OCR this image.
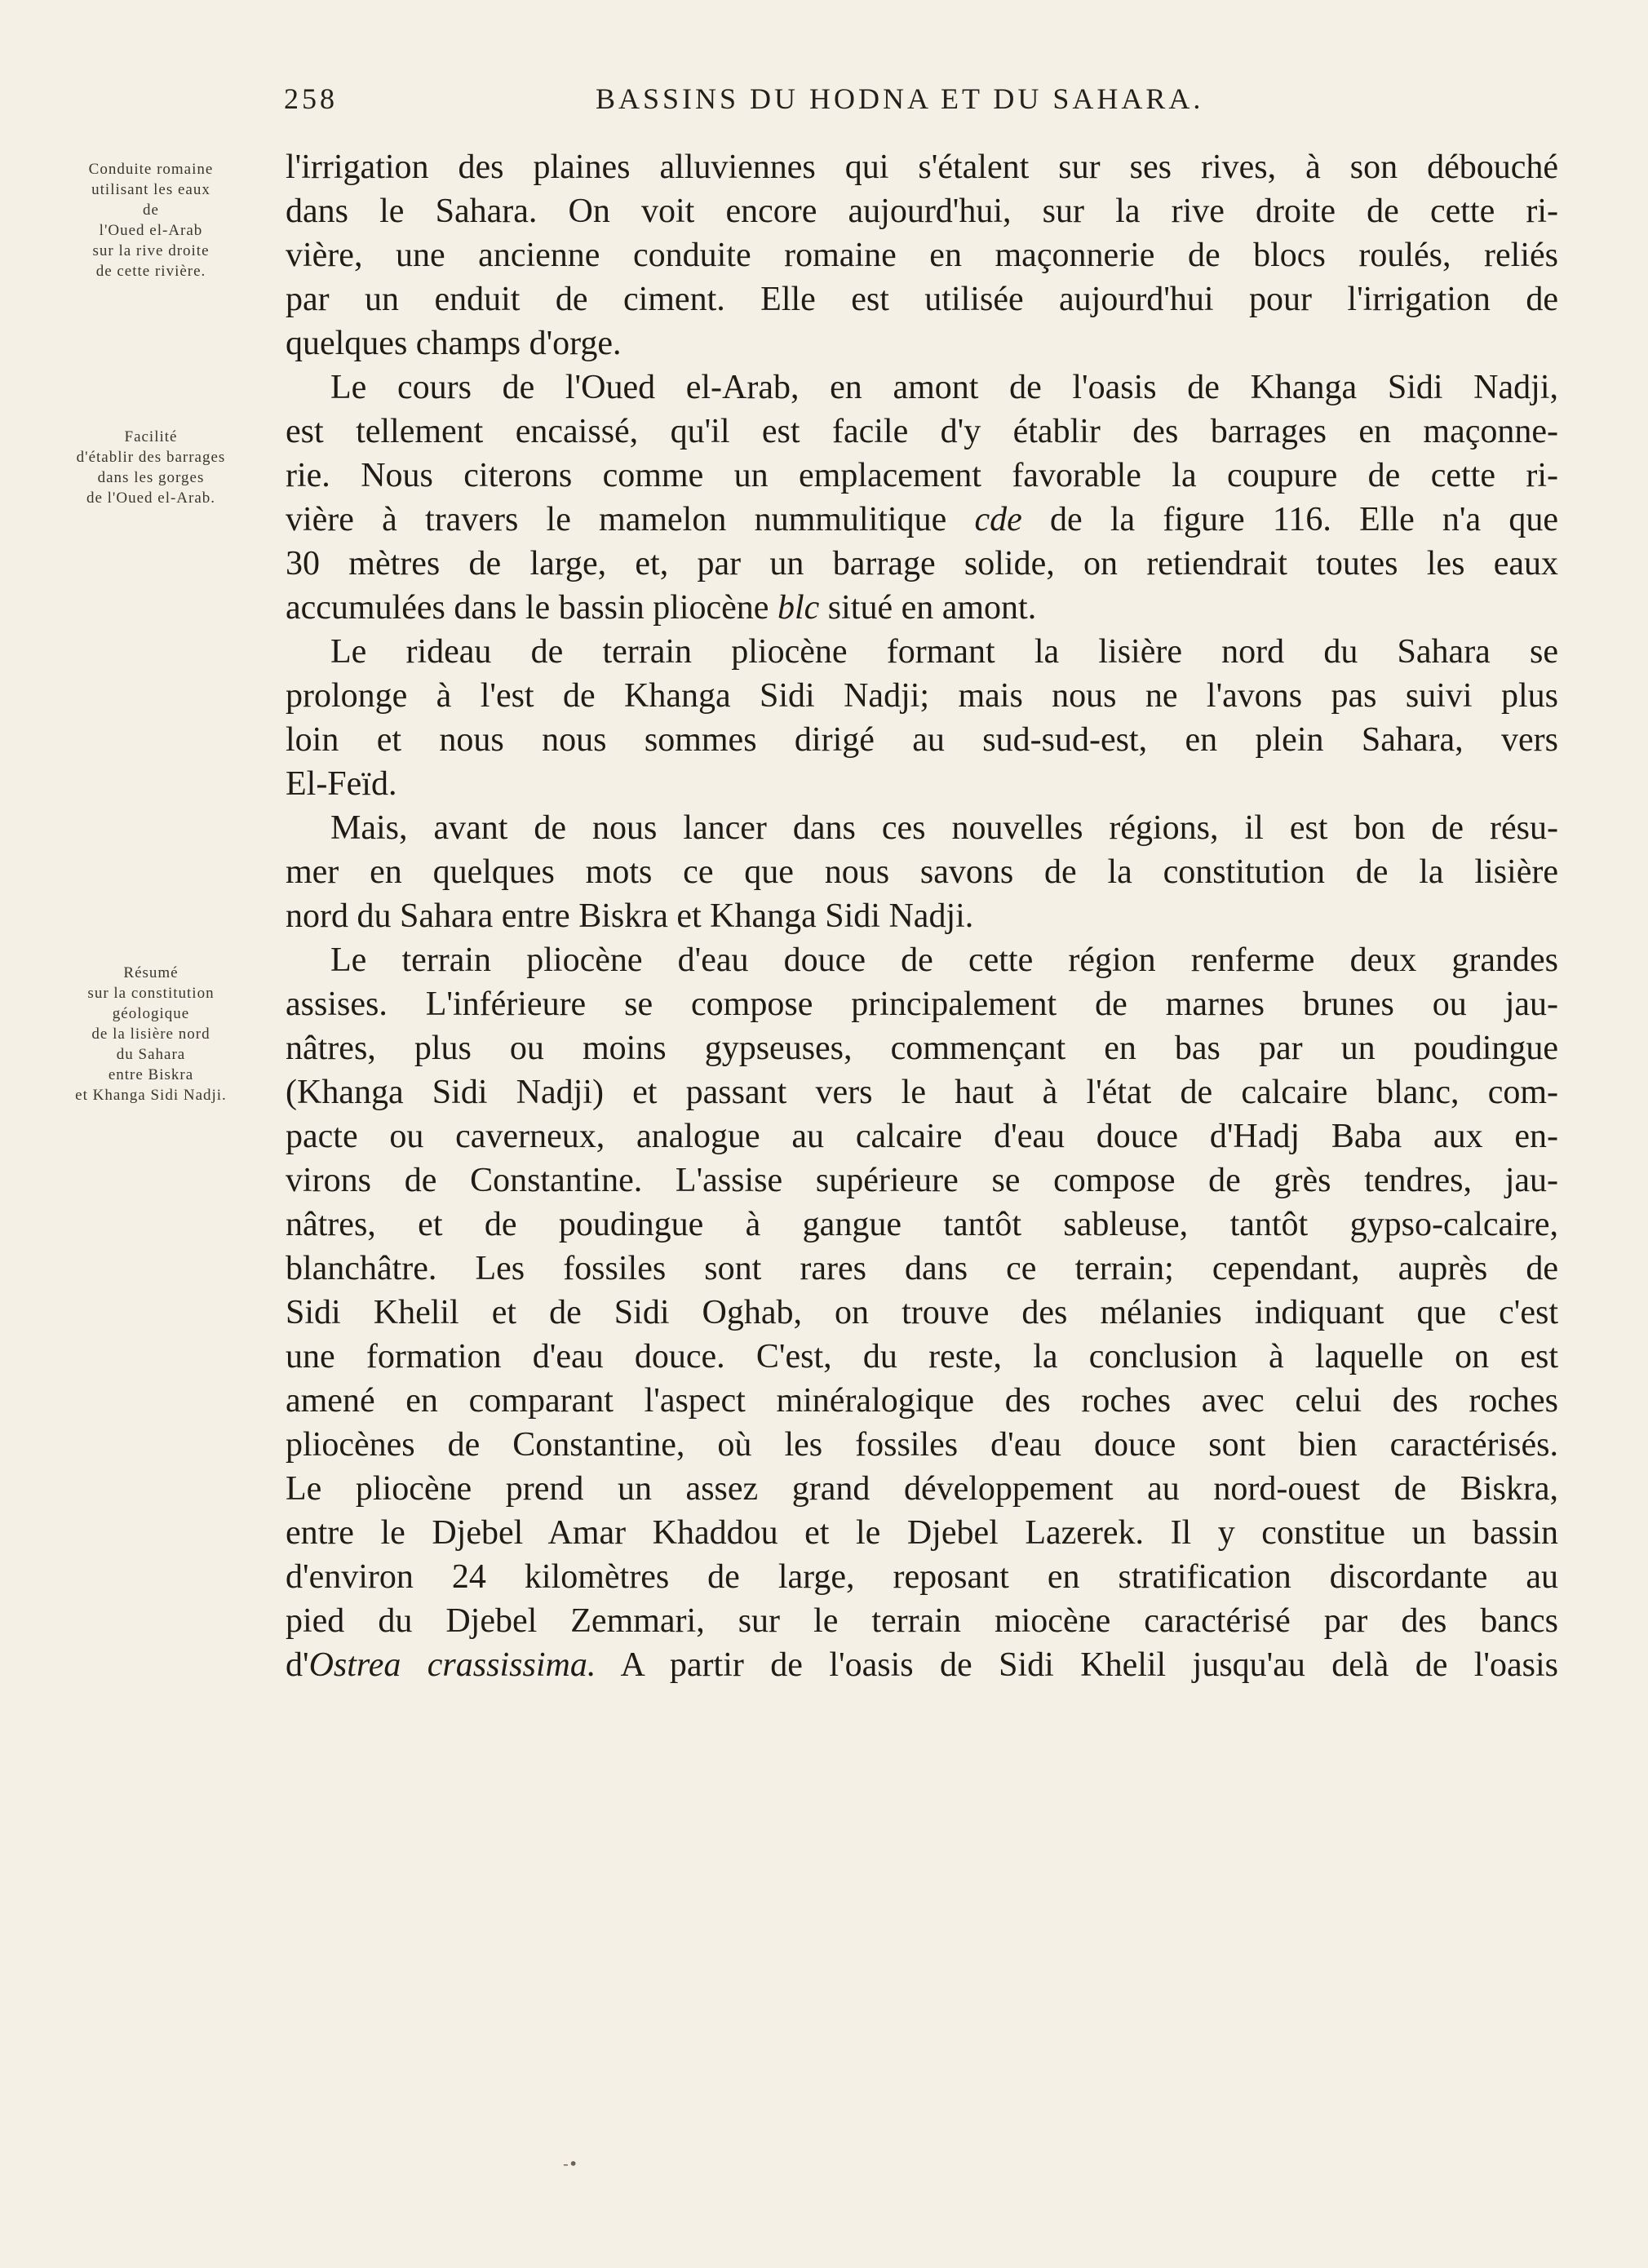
258	BASSINS DU HODNA ET DU SAHARA.
Conduite romaine
utilisant les eaux
de
l'Oued el-Arab
sur la rive droite
de cette rivière.
Facilité
d'établir des barrages
dans les gorges
de l'Oued el-Arab.
Résumé
sur la constitution
géologique
de la lisière nord
du Sahara
entre Biskra
et Khanga Sidi Nadji.
l'irrigation des plaines alluviennes qui s'étalent sur ses rives, à son débouché
dans le Sahara. On voit encore aujourd'hui, sur la rive droite de cette ri-
vière, une ancienne conduite romaine en maçonnerie de blocs roulés, reliés
par un enduit de ciment. Elle est utilisée aujourd'hui pour l'irrigation de
quelques champs d'orge.
Le cours de l'Oued el-Arab, en amont de l'oasis de Khanga Sidi Nadji,
est tellement encaissé, qu'il est facile d'y établir des barrages en maçonne-
rie. Nous citerons comme un emplacement favorable la coupure de cette ri-
vière à travers le mamelon nummulitique cde de la figure 116. Elle n'a que
30 mètres de large, et, par un barrage solide, on retiendrait toutes les eaux
accumulées dans le bassin pliocène blc situé en amont.
Le rideau de terrain pliocène formant la lisière nord du Sahara se
prolonge à l'est de Khanga Sidi Nadji; mais nous ne l'avons pas suivi plus
loin et nous nous sommes dirigé au sud-sud-est, en plein Sahara, vers
El-Feïd.
Mais, avant de nous lancer dans ces nouvelles régions, il est bon de résu-
mer en quelques mots ce que nous savons de la constitution de la lisière
nord du Sahara entre Biskra et Khanga Sidi Nadji.
Le terrain pliocène d'eau douce de cette région renferme deux grandes
assises. L'inférieure se compose principalement de marnes brunes ou jau-
nâtres, plus ou moins gypseuses, commençant en bas par un poudingue
(Khanga Sidi Nadji) et passant vers le haut à l'état de calcaire blanc, com-
pacte ou caverneux, analogue au calcaire d'eau douce d'Hadj Baba aux en-
virons de Constantine. L'assise supérieure se compose de grès tendres, jau-
nâtres, et de poudingue à gangue tantôt sableuse, tantôt gypso-calcaire,
blanchâtre. Les fossiles sont rares dans ce terrain; cependant, auprès de
Sidi Khelil et de Sidi Oghab, on trouve des mélanies indiquant que c'est
une formation d'eau douce. C'est, du reste, la conclusion à laquelle on est
amené en comparant l'aspect minéralogique des roches avec celui des roches
pliocènes de Constantine, où les fossiles d'eau douce sont bien caractérisés.
Le pliocène prend un assez grand développement au nord-ouest de Biskra,
entre le Djebel Amar Khaddou et le Djebel Lazerek. Il y constitue un bassin
d'environ 24 kilomètres de large, reposant en stratification discordante au
pied du Djebel Zemmari, sur le terrain miocène caractérisé par des bancs
d'Ostrea crassissima. A partir de l'oasis de Sidi Khelil jusqu'au delà de l'oasis
-•
